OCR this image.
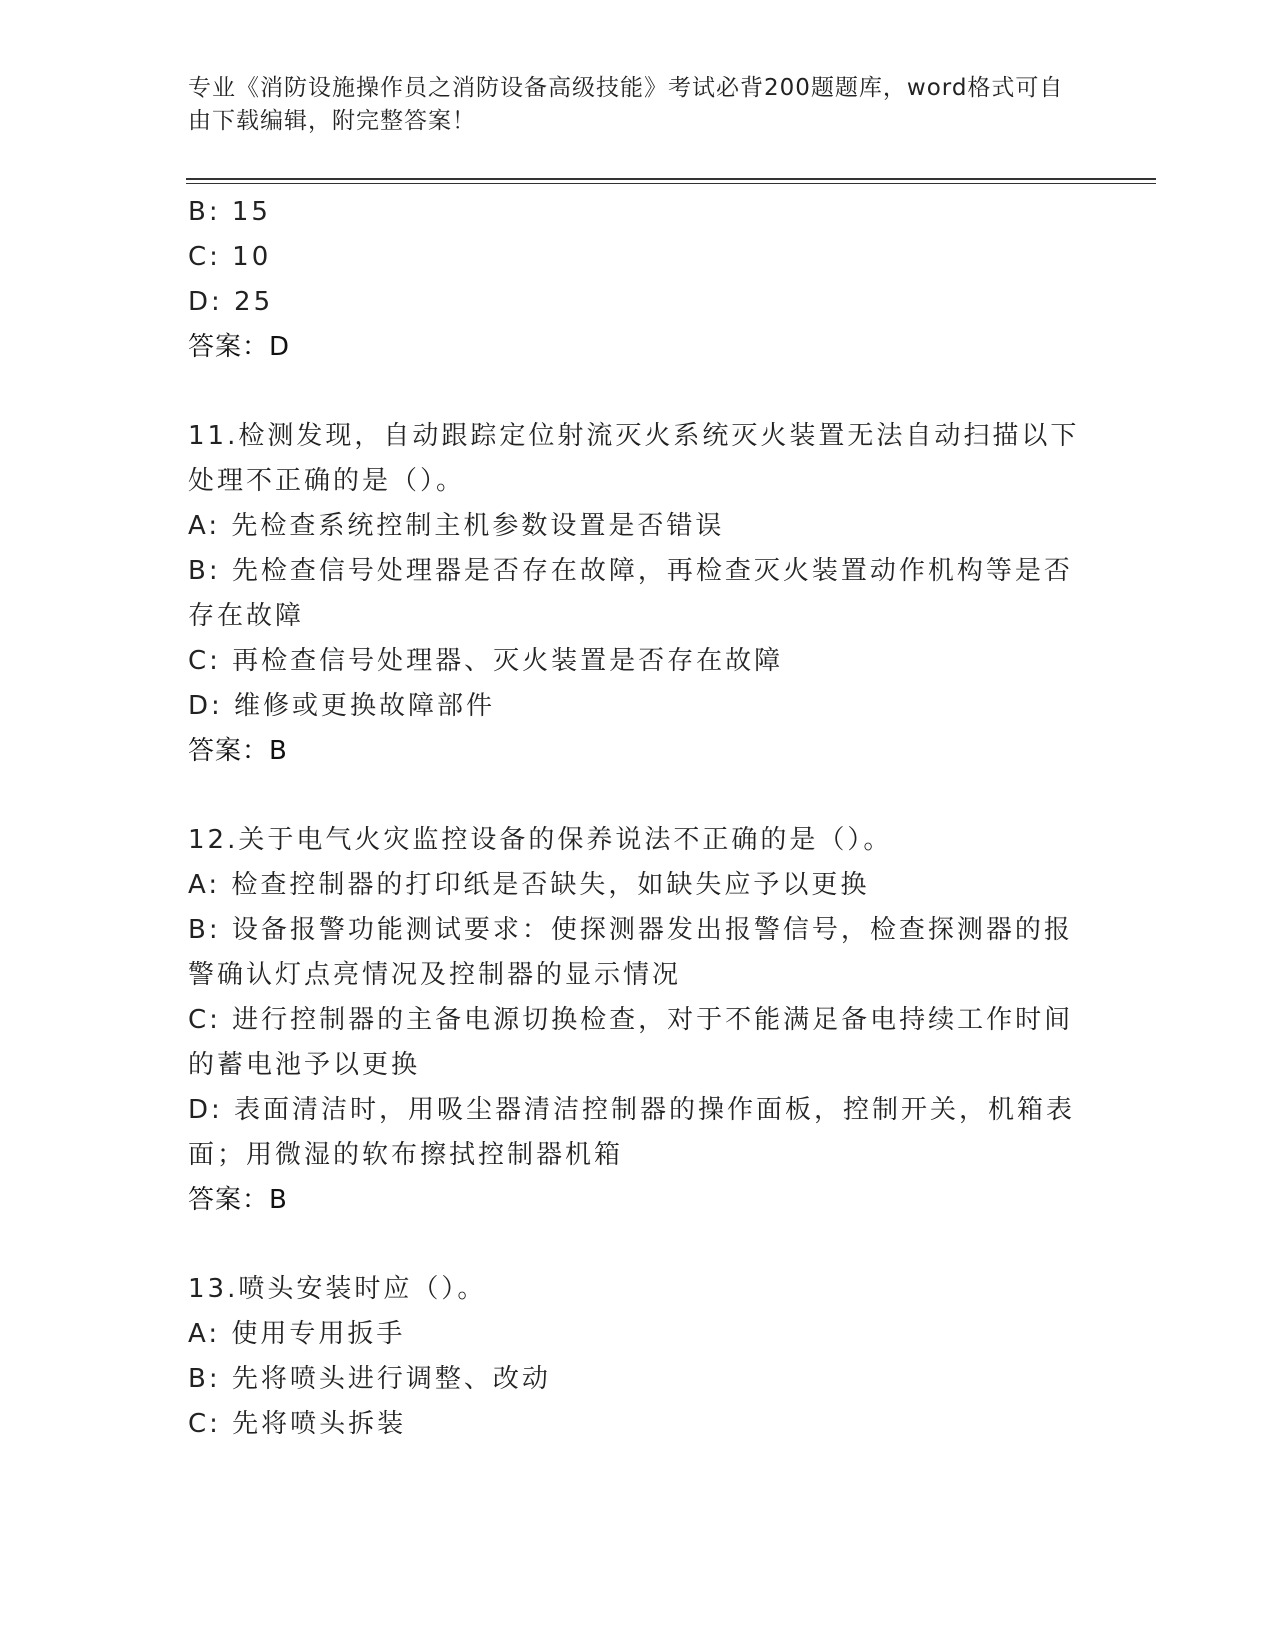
专业《消防设施操作员之消防设备高级技能》考试必背200题题库，word格式可自由下载编辑，附完整答案！
B: 15
C: 10
D: 25
答案：D
11.检测发现，自动跟踪定位射流灭火系统灭火装置无法自动扫描以下处理不正确的是（）。
A: 先检查系统控制主机参数设置是否错误
B: 先检查信号处理器是否存在故障，再检查灭火装置动作机构等是否存在故障
C: 再检查信号处理器、灭火装置是否存在故障
D: 维修或更换故障部件
答案：B
12.关于电气火灾监控设备的保养说法不正确的是（）。
A: 检查控制器的打印纸是否缺失，如缺失应予以更换
B: 设备报警功能测试要求：使探测器发出报警信号，检查探测器的报警确认灯点亮情况及控制器的显示情况
C: 进行控制器的主备电源切换检查，对于不能满足备电持续工作时间的蓄电池予以更换
D: 表面清洁时，用吸尘器清洁控制器的操作面板，控制开关，机箱表面；用微湿的软布擦拭控制器机箱
答案：B
13.喷头安装时应（）。
A: 使用专用扳手
B: 先将喷头进行调整、改动
C: 先将喷头拆装
